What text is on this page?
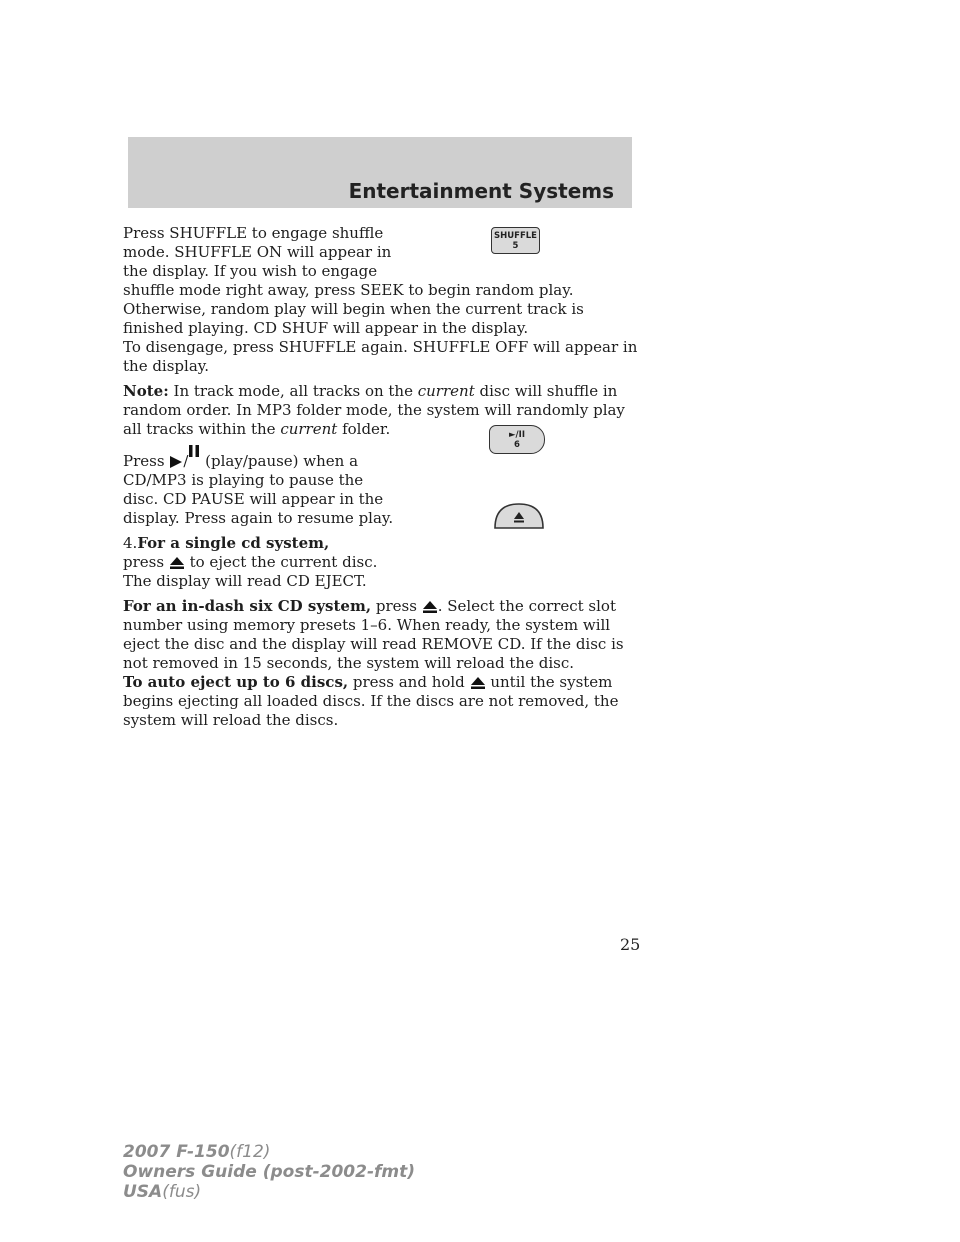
Entertainment Systems
SHUFFLE
5
►/II
6

Press SHUFFLE to engage shuffle mode. SHUFFLE ON will appear in the display. If you wish to engage

shuffle mode right away, press SEEK to begin random play. Otherwise, random play will begin when the current track is finished playing. CD SHUF will appear in the display.

To disengage, press SHUFFLE again. SHUFFLE OFF will appear in the display.

Note: In track mode, all tracks on the current disc will shuffle in random order. In MP3 folder mode, the system will randomly play all tracks within the current folder.

Press / (play/pause) when a CD/MP3 is playing to pause the disc. CD PAUSE will appear in the display. Press again to resume play.

4.For a single cd system,
press to eject the current disc. The display will read CD EJECT.

For an in-dash six CD system, press . Select the correct slot number using memory presets 1–6. When ready, the system will eject the disc and the display will read REMOVE CD. If the disc is not removed in 15 seconds, the system will reload the disc.

To auto eject up to 6 discs, press and hold until the system begins ejecting all loaded discs. If the discs are not removed, the system will reload the discs.

25
2007 F-150(f12)
Owners Guide (post-2002-fmt)
USA(fus)
